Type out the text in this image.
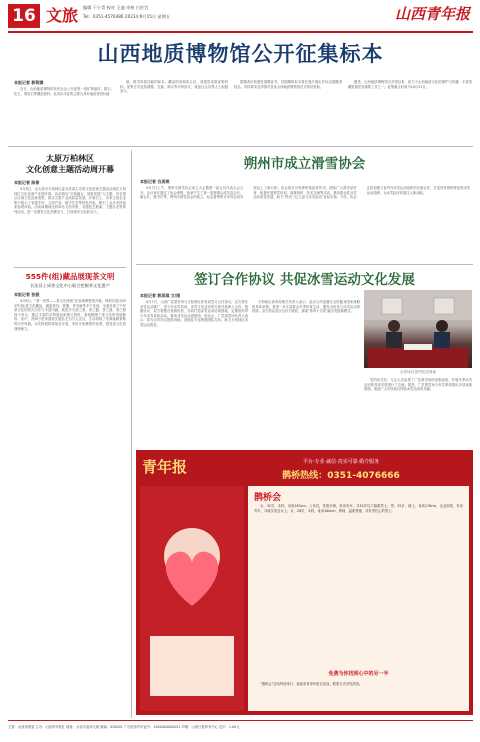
16 文旅 编辑 于小青 校对 王迪 审核 白宏宜
Tel：0351-4576486 2023年9月15日 星期五	山西青年报
山西地质博物馆公开征集标本
本报记者 郭莉娜

近日，山西地质博物馆发布社会公开征集一批矿物晶体、陨石、化石、观赏石等藏品资料。此次标本征集主要为具有地质观赏价值

值、教学科普功能的标本。藏品的来源须合法，须提供来源证明材料。征集方式包括捐赠、交换、购买等多种形式，欢迎社会各界人士积极参与。

捐赠者可获颁发捐赠证书，其捐赠的标本将在展厅展出并标注捐赠者姓名。具体要求及详情可登录山西地质博物馆官方网站查询。

据悉，山西地质博物馆自开馆以来，致力于山西地质文化的保护与传播，丰富馆藏资源是其重要工作之一。征集截止时间为10月31日。

太原万柏林区
文化创意主题活动周开幕
本报记者 陈普

9月8日，由太原市万柏林区委宣传部主办的文化创意主题活动周在万柏林区文化创意产业园开幕。活动周以“文旅融合、创新发展”为主题，旨在展示区域文化创意成果，推动文旅产业高质量发展。开幕式上，多家文创企业集中展示了非遗手作、文创产品、数字艺术等特色内容，吸引了众多市民前来参观体验。活动周期间还将举办文创市集、非遗技艺展演、主题沙龙等系列活动，进一步激发文化消费活力，打造城市文化新名片。

555件(组)藏品展现茶文明
长治县士成茶文化中心联合挖掘茶文化遗产
本报记者 张振

9月8日，“茶一世界——茶文化特展”在晋城博物馆开幕。特展共展出555件(组)茶文化藏品，涵盖茶具、茶器、茶书画等多个类别，全面呈现了中华茶文化的悠久历史与丰富内涵。展览分为茶之源、茶之器、茶之道、茶之路四个单元，通过丰富的实物展品和图文资料，系统梳理了茶文化的发展脉络。其中，晋商万里茶道相关展品尤为引人注目，生动再现了晋商驰骋茶路的历史风貌。本次特展将持续至年底，市民可免费预约参观，感受茶文化的独特魅力。

朔州市成立滑雪协会
本报记者 白美瑛

9月7日上午，朔州市滑雪协会成立大会暨第一届会员代表大会召开。会议审议通过了协会章程，选举产生了第一届理事会成员及会长、副会长、秘书长等。朔州市滑雪协会的成立，标志着朔州市冰雪运动发展迈上了新台阶。协会将充分发挥桥梁纽带作用，团结广大滑雪爱好者，积极开展滑雪培训、赛事组织、技术交流等活动，推动群众性冰雪运动普及发展，助力“带动三亿人参与冰雪运动”目标实现。今后，协会还将加强与省内外冰雪运动组织的交流合作，打造具有朔州特色的冰雪运动品牌，为冰雪经济发展注入新动能。

签订合作协议 共促冰雪运动文化发展
本报记者 郭美琪 文/图

9月7日，山西广武滑雪场与万柏林区体育局签订合作协议，双方将在冰雪运动推广、青少年冰雪培训、冰雪文化活动等方面开展深入合作。根据协议，双方将整合资源优势，共同打造冰雪运动培训基地，定期组织青少年冰雪体验活动，推动冰雪运动进校园、进社区。广武滑雪场负责人表示，将为合作项目提供场地、设施及专业教练团队支持，助力万柏林区冰雪运动普及。

万柏林区体育局相关负责人表示，此次合作是落实全民健身国家战略的具体举措，将进一步丰富群众冬季体育生活，激发全民参与冰雪运动的热情。双方将以此次合作为契机，探索“体育+文旅”融合发展新模式。

合作协议签约仪式现场

签约仪式后，与会人员参观了广武滑雪场的设施设备，并就冬季冰雪活动的具体安排进行了交流。据悉，广武滑雪场今年雪季将推出多项优惠措施，欢迎广大市民前往体验冰雪运动的乐趣。

青年报	平台·专业·诚信·真实可靠·婚介服务
鹊桥热线：0351-4076666
鹊桥会

女，32岁，本科，身高163cm，公务员，性格开朗，有房有车，寻35岁以下稳重男士。男，35岁，硕士，身高178cm，企业高管，有房有车，寻诚实善良女士。女，28岁，本科，身高160cm，教师，温柔贤惠，寻有责任心的男士。

免费为你找到心中的另一半

“鹊桥会”活动每周举行，欢迎单身青年报名参加。联系方式详见热线。

主管：山西省团委 主办：山西青年报社 地址：太原市迎泽大街 邮编：030001 广告经营许可证号：1400004000021 印刷：山西日报印务中心 定价：1.00元
